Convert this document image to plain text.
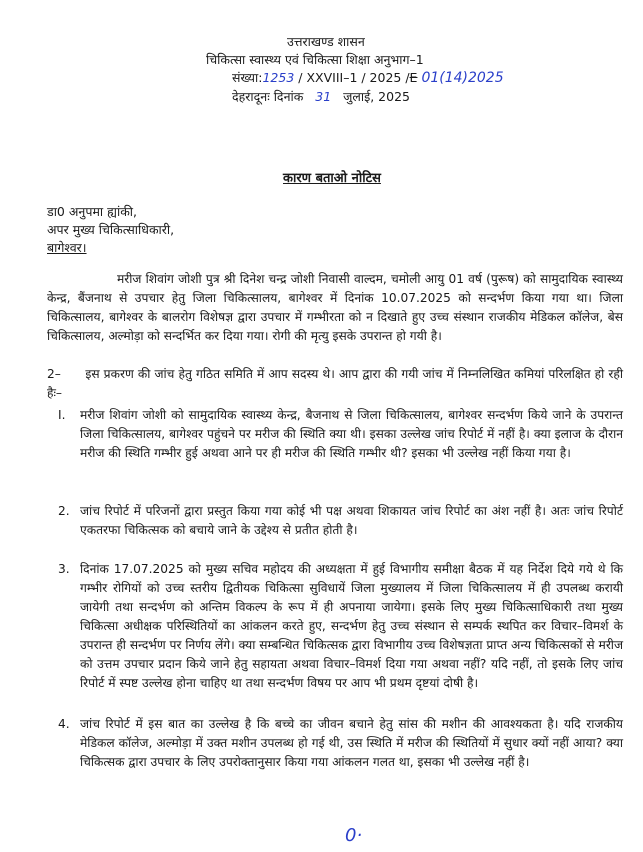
उत्तराखण्ड शासन
चिकित्सा स्वास्थ्य एवं चिकित्सा शिक्षा अनुभाग–1
संख्या:1253 / XXVIII–1 / 2025 /E 01(14)2025
देहरादूनः दिनांक 31 जुलाई, 2025
कारण बताओ नोटिस
डा0 अनुपमा ह्यांकी,
अपर मुख्य चिकित्साधिकारी,
बागेश्वर।
मरीज शिवांग जोशी पुत्र श्री दिनेश चन्द्र जोशी निवासी वाल्दम, चमोली आयु 01 वर्ष (पुरूष) को सामुदायिक स्वास्थ्य केन्द्र, बैंजनाथ से उपचार हेतु जिला चिकित्सालय, बागेश्वर में दिनांक 10.07.2025 को सन्दर्भण किया गया था। जिला चिकित्सालय, बागेश्वर के बालरोग विशेषज्ञ द्वारा उपचार में गम्भीरता को न दिखाते हुए उच्च संस्थान राजकीय मेडिकल कॉलेज, बेस चिकित्सालय, अल्मोड़ा को सन्दर्भित कर दिया गया। रोगी की मृत्यु इसके उपरान्त हो गयी है।
2– इस प्रकरण की जांच हेतु गठित समिति में आप सदस्य थे। आप द्वारा की गयी जांच में निम्नलिखित कमियां परिलक्षित हो रही हैः–
I. मरीज शिवांग जोशी को सामुदायिक स्वास्थ्य केन्द्र, बैजनाथ से जिला चिकित्सालय, बागेश्वर सन्दर्भण किये जाने के उपरान्त जिला चिकित्सालय, बागेश्वर पहुंचने पर मरीज की स्थिति क्या थी। इसका उल्लेख जांच रिपोर्ट में नहीं है। क्या इलाज के दौरान मरीज की स्थिति गम्भीर हुई अथवा आने पर ही मरीज की स्थिति गम्भीर थी? इसका भी उल्लेख नहीं किया गया है।
2. जांच रिपोर्ट में परिजनों द्वारा प्रस्तुत किया गया कोई भी पक्ष अथवा शिकायत जांच रिपोर्ट का अंश नहीं है। अतः जांच रिपोर्ट एकतरफा चिकित्सक को बचाये जाने के उद्देश्य से प्रतीत होती है।
3. दिनांक 17.07.2025 को मुख्य सचिव महोदय की अध्यक्षता में हुई विभागीय समीक्षा बैठक में यह निर्देश दिये गये थे कि गम्भीर रोगियों को उच्च स्तरीय द्वितीयक चिकित्सा सुविधायें जिला मुख्यालय में जिला चिकित्सालय में ही उपलब्ध करायी जायेगी तथा सन्दर्भण को अन्तिम विकल्प के रूप में ही अपनाया जायेगा। इसके लिए मुख्य चिकित्साधिकारी तथा मुख्य चिकित्सा अधीक्षक परिस्थितियों का आंकलन करते हुए, सन्दर्भण हेतु उच्च संस्थान से सम्पर्क स्थपित कर विचार–विमर्श के उपरान्त ही सन्दर्भण पर निर्णय लेंगे। क्या सम्बन्धित चिकित्सक द्वारा विभागीय उच्च विशेषज्ञता प्राप्त अन्य चिकित्सकों से मरीज को उत्तम उपचार प्रदान किये जाने हेतु सहायता अथवा विचार–विमर्श दिया गया अथवा नहीं? यदि नहीं, तो इसके लिए जांच रिपोर्ट में स्पष्ट उल्लेख होना चाहिए था तथा सन्दर्भण विषय पर आप भी प्रथम दृष्टयां दोषी है।
4. जांच रिपोर्ट में इस बात का उल्लेख है कि बच्चे का जीवन बचाने हेतु सांस की मशीन की आवश्यकता है। यदि राजकीय मेडिकल कॉलेज, अल्मोड़ा में उक्त मशीन उपलब्ध हो गई थी, उस स्थिति में मरीज की स्थितियों में सुधार क्यों नहीं आया? क्या चिकित्सक द्वारा उपचार के लिए उपरोक्तानुसार किया गया आंकलन गलत था, इसका भी उल्लेख नहीं है।
0·
